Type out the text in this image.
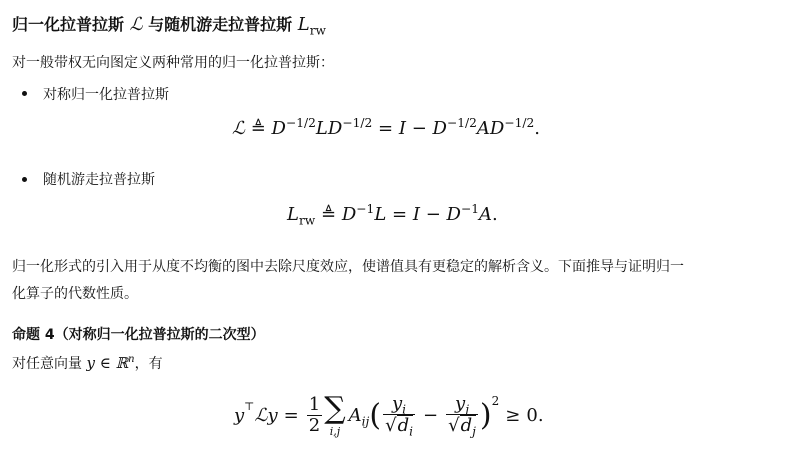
归一化拉普拉斯 ℒ 与随机游走拉普拉斯 $L_{rw}$
对一般带权无向图定义两种常用的归一化拉普拉斯：
对称归一化拉普拉斯
ℒ ≜ $D^{-1/2}LD^{-1/2} = I - D^{-1/2}AD^{-1/2}$.
随机游走拉普拉斯
$L_{rw}$ ≜ $D^{-1}L = I - D^{-1}A$.
归一化形式的引入用于从度不均衡的图中去除尺度效应，使谱值具有更稳定的解析含义。下面推导与证明归一
化算子的代数性质。
命题 4（对称归一化拉普拉斯的二次型）
对任意向量 y ∈ ℝ$^n$，有
y⊤ ℒ $y = \frac{1}{2}$ ∑
i,j
$A_{ij}$ ( $\frac{y_i}{√d_i} - \frac{y_j}{√d_j} )^2$
≥ 0 .
